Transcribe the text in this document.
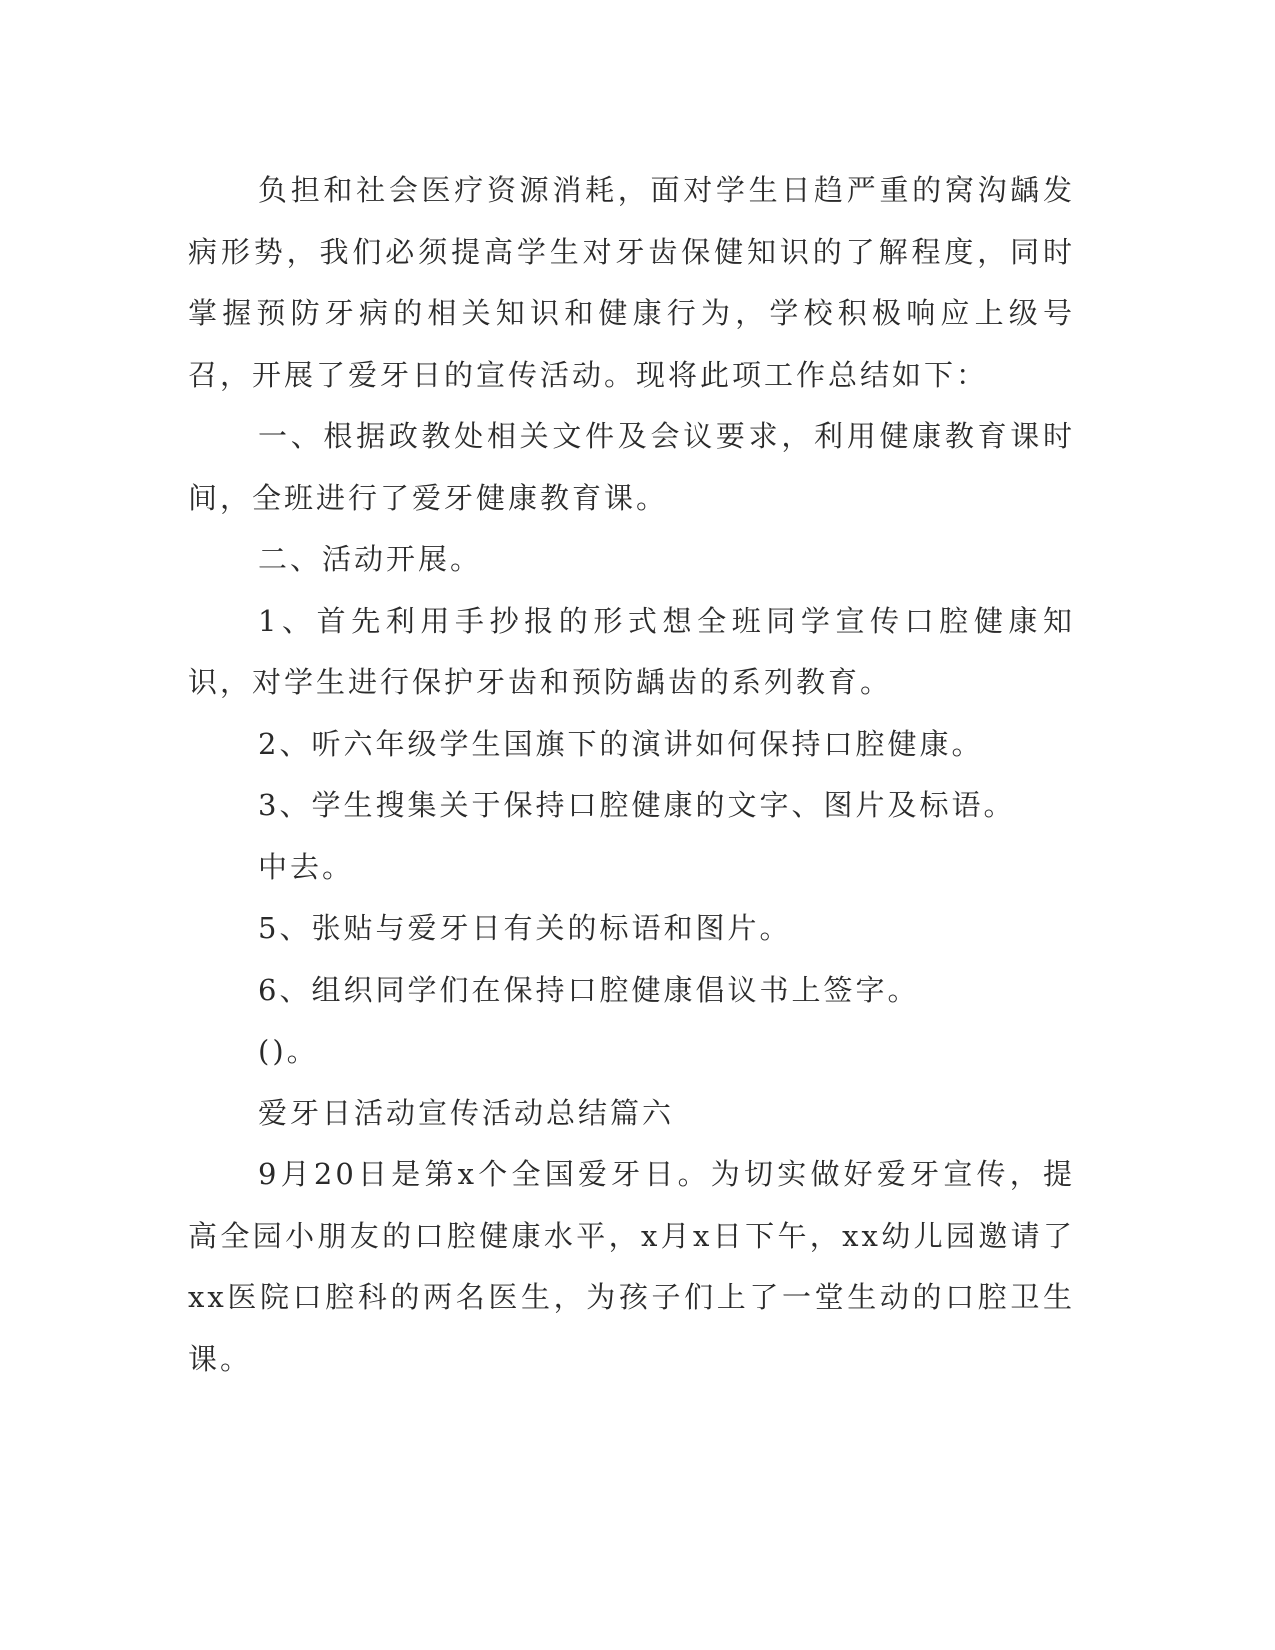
负担和社会医疗资源消耗，面对学生日趋严重的窝沟龋发病形势，我们必须提高学生对牙齿保健知识的了解程度，同时掌握预防牙病的相关知识和健康行为，学校积极响应上级号召，开展了爱牙日的宣传活动。现将此项工作总结如下：

一、根据政教处相关文件及会议要求，利用健康教育课时间，全班进行了爱牙健康教育课。

二、活动开展。

1、首先利用手抄报的形式想全班同学宣传口腔健康知识，对学生进行保护牙齿和预防龋齿的系列教育。

2、听六年级学生国旗下的演讲如何保持口腔健康。

3、学生搜集关于保持口腔健康的文字、图片及标语。

中去。

5、张贴与爱牙日有关的标语和图片。

6、组织同学们在保持口腔健康倡议书上签字。

()。

爱牙日活动宣传活动总结篇六

9月20日是第x个全国爱牙日。为切实做好爱牙宣传，提高全园小朋友的口腔健康水平，x月x日下午，xx幼儿园邀请了xx医院口腔科的两名医生，为孩子们上了一堂生动的口腔卫生课。
